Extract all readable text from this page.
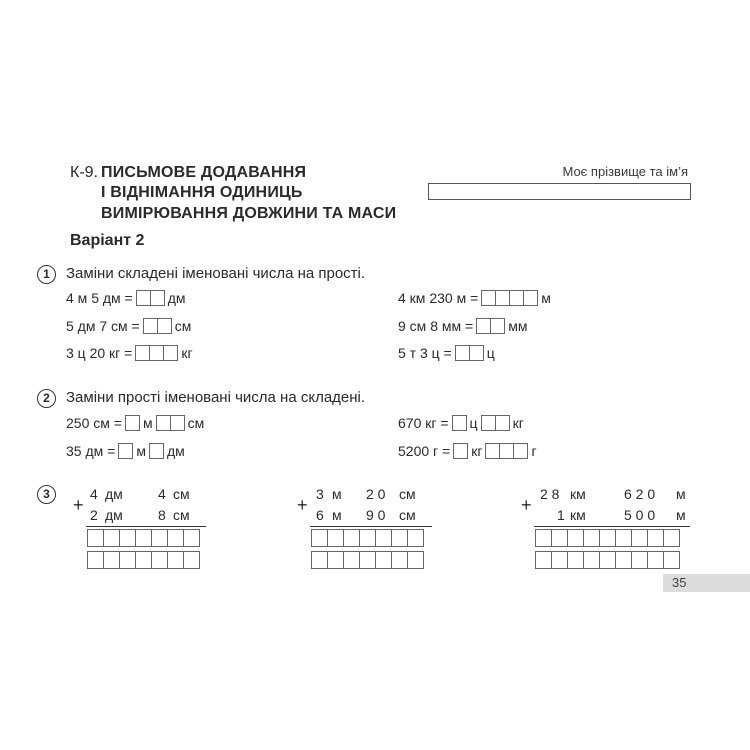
К-9. ПИСЬМОВЕ ДОДАВАННЯ
І ВІДНІМАННЯ ОДИНИЦЬ
ВИМІРЮВАННЯ ДОВЖИНИ ТА МАСИ
Варіант 2
Моє прізвище та ім’я
1	Заміни складені іменовані числа на прості.
4 м 5 дм =	дм	4 км 230 м =	м
5 дм 7 см =	см	9 см 8 мм =	мм
3 ц 20 кг =	кг	5 т 3 ц =	ц
2	Заміни прості іменовані числа на складені.
250 см = м	см	670 кг = ц	кг
35 дм = м дм	5200 г = кг	г
3
+
4 дм	4 см
2 дм	8 см	+
3 м 2 0 см
6 м 9 0 см	+
2 8 км	6 2 0 м
1 км	5 0 0 м
35
